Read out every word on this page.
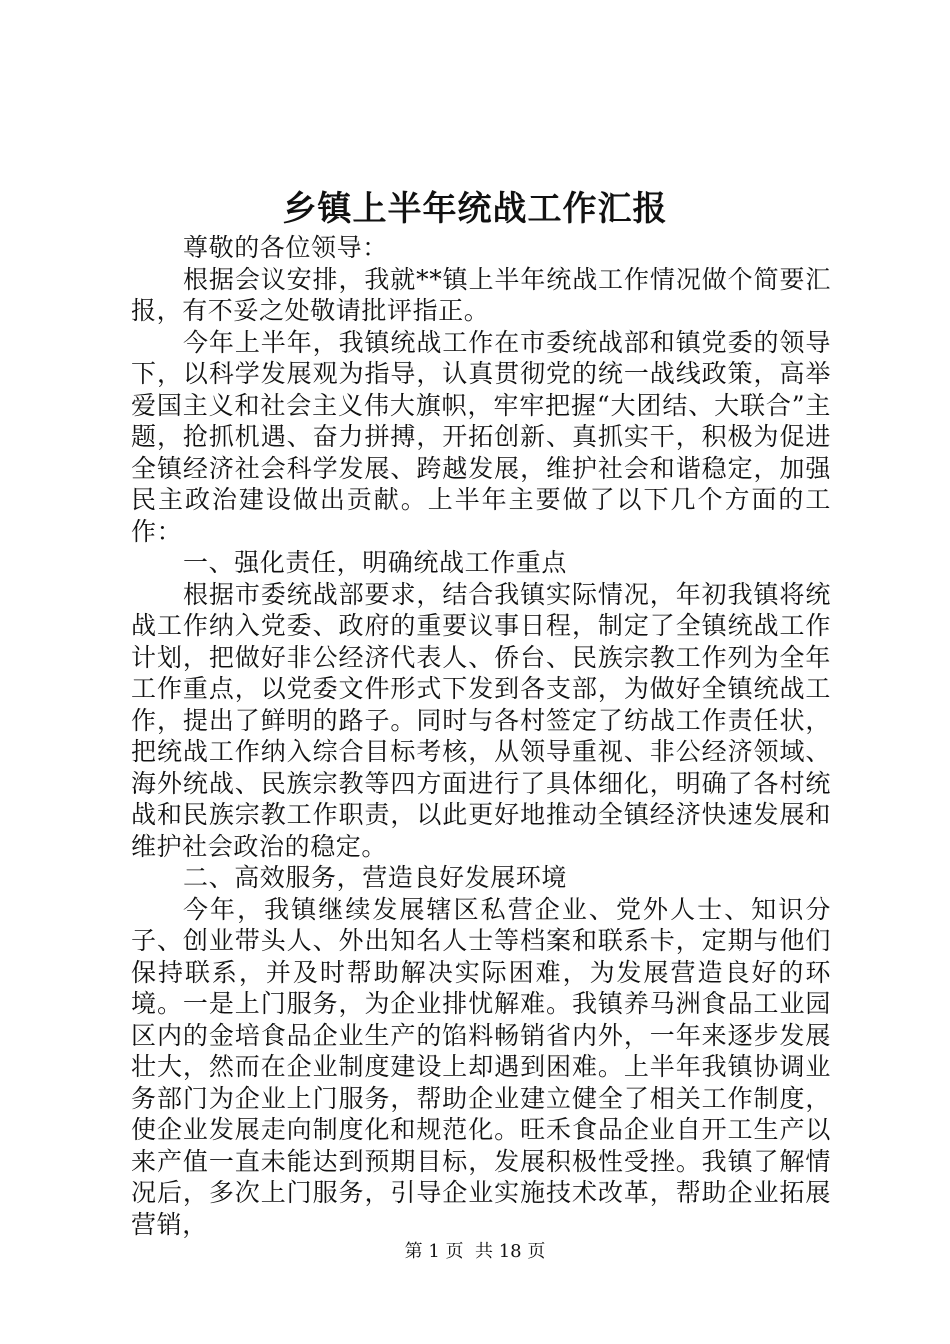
乡镇上半年统战工作汇报

尊敬的各位领导：

根据会议安排，我就**镇上半年统战工作情况做个简要汇报，有不妥之处敬请批评指正。

今年上半年，我镇统战工作在市委统战部和镇党委的领导下，以科学发展观为指导，认真贯彻党的统一战线政策，高举爱国主义和社会主义伟大旗帜，牢牢把握“大团结、大联合”主题，抢抓机遇、奋力拼搏，开拓创新、真抓实干，积极为促进全镇经济社会科学发展、跨越发展，维护社会和谐稳定，加强民主政治建设做出贡献。上半年主要做了以下几个方面的工作：

一、强化责任，明确统战工作重点

根据市委统战部要求，结合我镇实际情况，年初我镇将统战工作纳入党委、政府的重要议事日程，制定了全镇统战工作计划，把做好非公经济代表人、侨台、民族宗教工作列为全年工作重点，以党委文件形式下发到各支部，为做好全镇统战工作，提出了鲜明的路子。同时与各村签定了纺战工作责任状，把统战工作纳入综合目标考核，从领导重视、非公经济领域、海外统战、民族宗教等四方面进行了具体细化，明确了各村统战和民族宗教工作职责，以此更好地推动全镇经济快速发展和维护社会政治的稳定。

二、高效服务，营造良好发展环境

今年，我镇继续发展辖区私营企业、党外人士、知识分子、创业带头人、外出知名人士等档案和联系卡，定期与他们保持联系，并及时帮助解决实际困难，为发展营造良好的环境。一是上门服务，为企业排忧解难。我镇养马洲食品工业园区内的金培食品企业生产的馅料畅销省内外，一年来逐步发展壮大，然而在企业制度建设上却遇到困难。上半年我镇协调业务部门为企业上门服务，帮助企业建立健全了相关工作制度，使企业发展走向制度化和规范化。旺禾食品企业自开工生产以来产值一直未能达到预期目标，发展积极性受挫。我镇了解情况后，多次上门服务，引导企业实施技术改革，帮助企业拓展营销，

第 1 页  共 18 页
